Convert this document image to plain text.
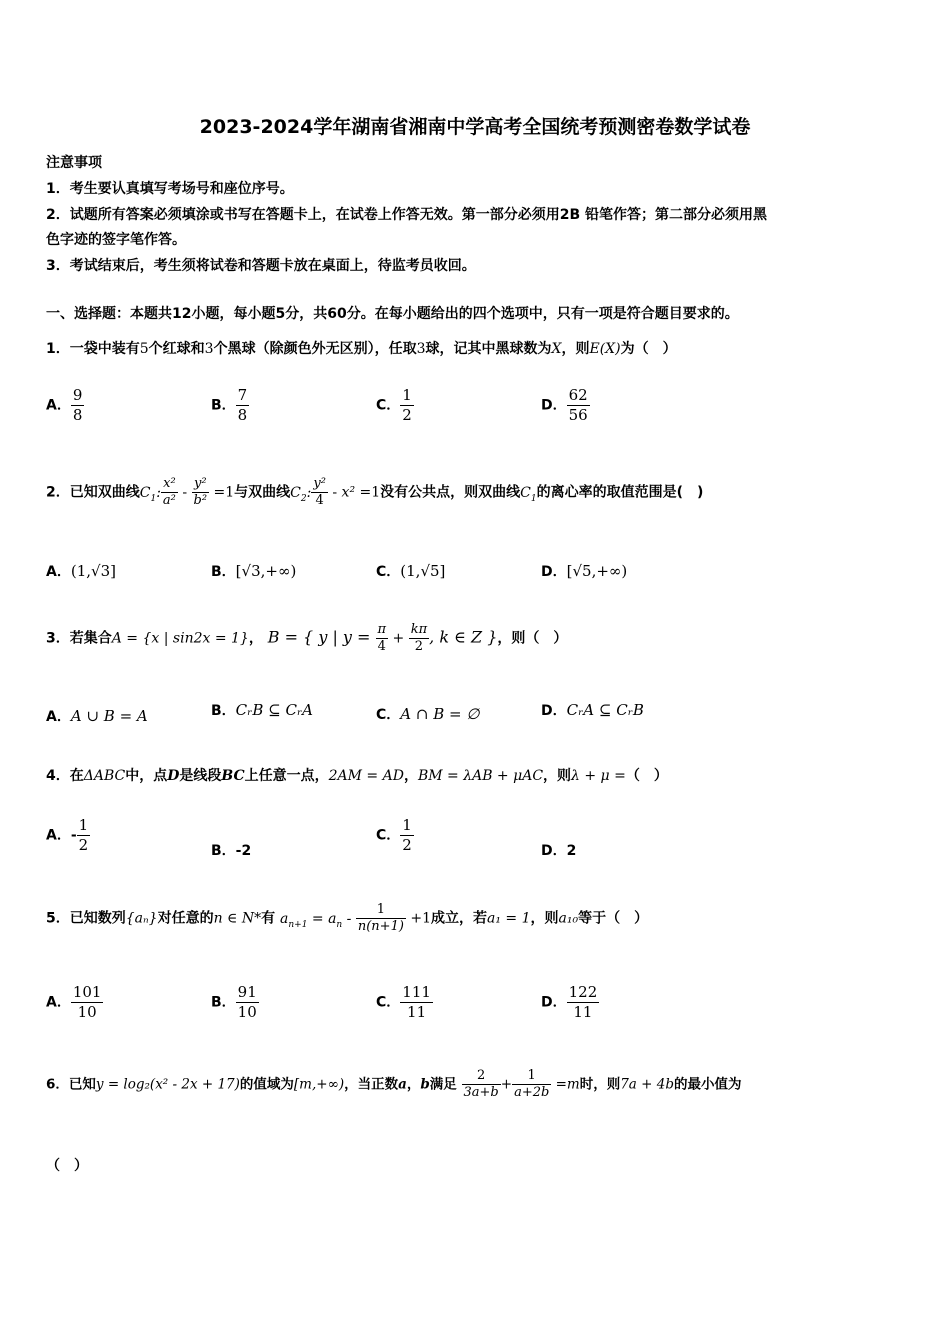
2023-2024学年湖南省湘南中学高考全国统考预测密卷数学试卷
注意事项
1．考生要认真填写考场号和座位序号。
2．试题所有答案必须填涂或书写在答题卡上，在试卷上作答无效。第一部分必须用2B 铅笔作答；第二部分必须用黑
色字迹的签字笔作答。
3．考试结束后，考生须将试卷和答题卡放在桌面上，待监考员收回。
一、选择题：本题共12小题，每小题5分，共60分。在每小题给出的四个选项中，只有一项是符合题目要求的。
1．一袋中装有5个红球和3个黑球（除颜色外无区别），任取3球，记其中黑球数为X，则E(X)为（　）
A． $\frac{9}{8}$	B． $\frac{7}{8}$	C． $\frac{1}{2}$	D． $\frac{62}{56}$
2．已知双曲线$C_1$: $\frac{\text{x²}}{\text{a²}} - \frac{\text{y²}}{\text{b²}} =1$与双曲线$C_2$: $\frac{\text{y²}}{4} - x^2 =1$没有公共点，则双曲线$C_1$的离心率的取值范围是(　)
A．(1,√3]	B．[√3,+∞)	C．(1,√5]	D．[√5,+∞)
3．若集合A = {x | sin2x = 1}， B = { y | $y = \frac{\pi}{4} + \frac{k\pi}{2}$ , k ∈ Z }，则（　）
A．A ∪ B = A	B．CᵣB ⊆ CᵣA	C．A ∩ B = ∅	D．CᵣA ⊆ CᵣB
4．在ΔABC中，点D是线段BC上任意一点，2AM = AD，BM = λAB + μAC，则λ + μ =（　）
A．- $\frac{1}{2}$	B．-2
C． $\frac{1}{2}$	D．2
5．已知数列{aₙ}对任意的n ∈ N*有 $a_{n+1} = a_n - \frac{1}{n(n+1)} +1$成立，若a₁ = 1，则a₁₀等于（　）
A． $\frac{101}{10}$	B． $\frac{91}{10}$	C． $\frac{111}{11}$	D． $\frac{122}{11}$
6．已知y = log₂(x² - 2x + 17)的值域为[m,+∞)，当正数a，b满足 $\frac{2}{3a+b} + \frac{1}{a+2b} =m$时，则7a + 4b的最小值为
（　）
